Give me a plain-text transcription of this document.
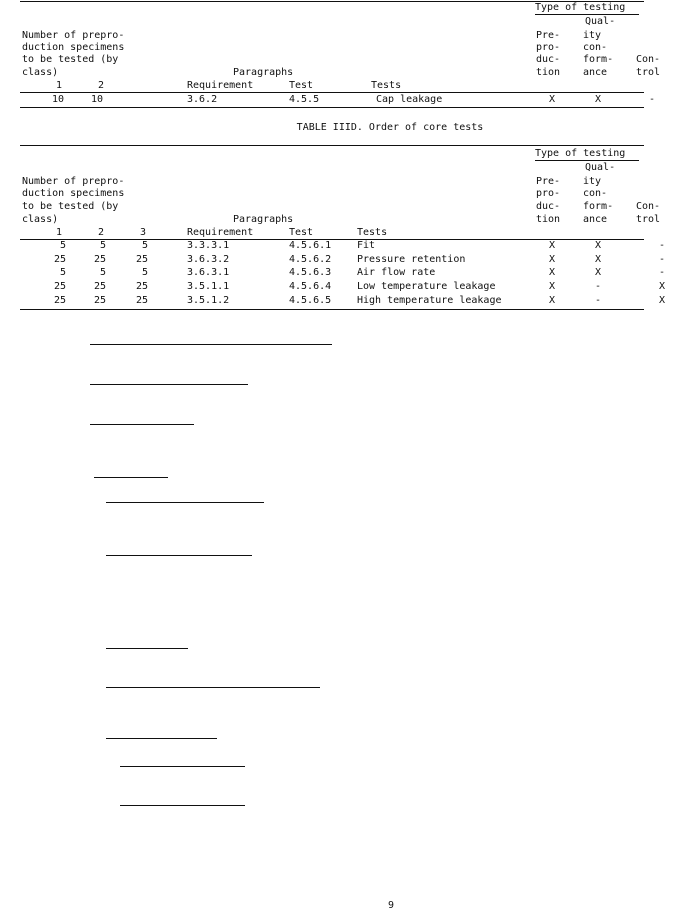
Type of testing
Number of prepro-
duction specimens
to be tested (by
class)
Qual-
ity
con-
form-
ance
Pre-
pro-
duc-
tion
Con-
trol
Paragraphs
1	2	Requirement	Test	Tests
10	10	3.6.2	4.5.5	Cap leakage	X	X	-
TABLE IIID. Order of core tests
Type of testing
Number of prepro-
duction specimens
to be tested (by
class)
Qual-
ity
con-
form-
ance
Pre-
pro-
duc-
tion
Con-
trol
Paragraphs
1	2	3	Requirement	Test	Tests
5	5	5	3.3.3.1	4.5.6.1	Fit	X	X	-
25	25	25	3.6.3.2	4.5.6.2	Pressure retention	X	X	-
5	5	5	3.6.3.1	4.5.6.3	Air flow rate	X	X	-
25	25	25	3.5.1.1	4.5.6.4	Low temperature leakage	X	-	X
25	25	25	3.5.1.2	4.5.6.5	High temperature leakage	X	-	X
9
